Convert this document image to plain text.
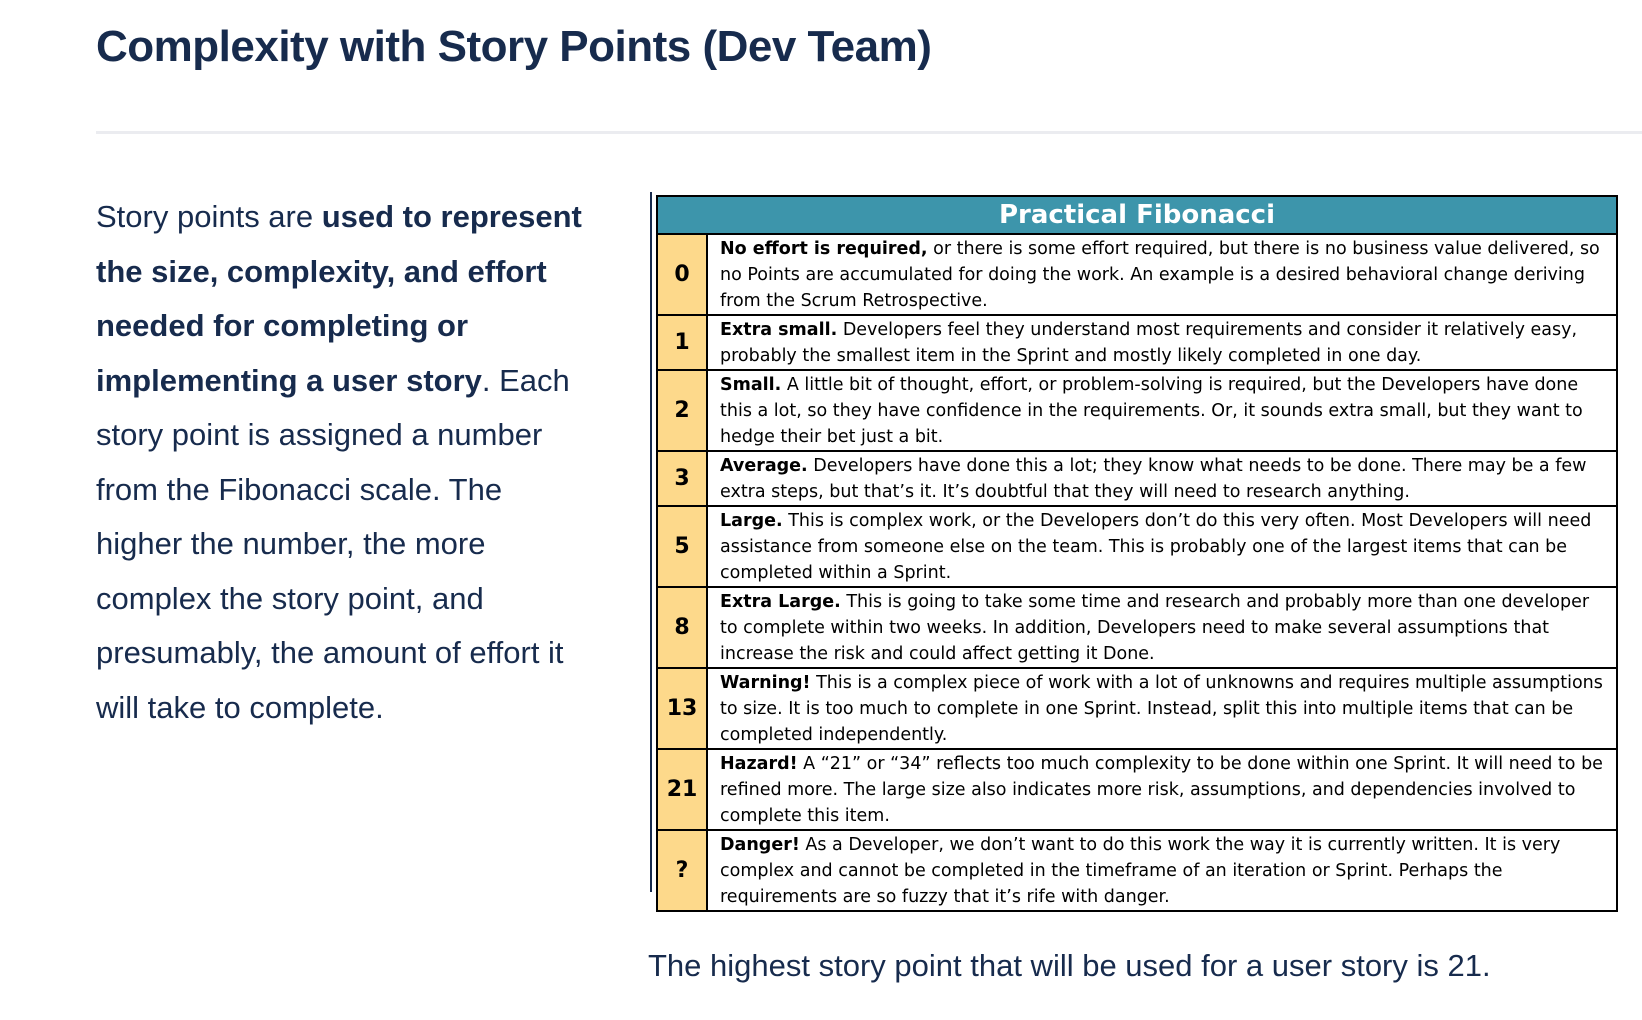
Complexity with Story Points (Dev Team)

Story points are used to represent the size, complexity, and effort needed for completing or implementing a user story. Each story point is assigned a number from the Fibonacci scale. The higher the number, the more complex the story point, and presumably, the amount of effort it will take to complete.

Practical Fibonacci	
0	No effort is required, or there is some effort required, but there is no business value delivered, so no Points are accumulated for doing the work. An example is a desired behavioral change deriving from the Scrum Retrospective.
1	Extra small. Developers feel they understand most requirements and consider it relatively easy, probably the smallest item in the Sprint and mostly likely completed in one day.
2	Small. A little bit of thought, effort, or problem-solving is required, but the Developers have done this a lot, so they have confidence in the requirements. Or, it sounds extra small, but they want to hedge their bet just a bit.
3	Average. Developers have done this a lot; they know what needs to be done. There may be a few extra steps, but that’s it. It’s doubtful that they will need to research anything.
5	Large. This is complex work, or the Developers don’t do this very often. Most Developers will need assistance from someone else on the team. This is probably one of the largest items that can be completed within a Sprint.
8	Extra Large. This is going to take some time and research and probably more than one developer to complete within two weeks. In addition, Developers need to make several assumptions that increase the risk and could affect getting it Done.
13	Warning! This is a complex piece of work with a lot of unknowns and requires multiple assumptions to size. It is too much to complete in one Sprint. Instead, split this into multiple items that can be completed independently.
21	Hazard! A “21” or “34” reflects too much complexity to be done within one Sprint. It will need to be refined more. The large size also indicates more risk, assumptions, and dependencies involved to complete this item.
?	Danger! As a Developer, we don’t want to do this work the way it is currently written. It is very complex and cannot be completed in the timeframe of an iteration or Sprint. Perhaps the requirements are so fuzzy that it’s rife with danger.

The highest story point that will be used for a user story is 21.
